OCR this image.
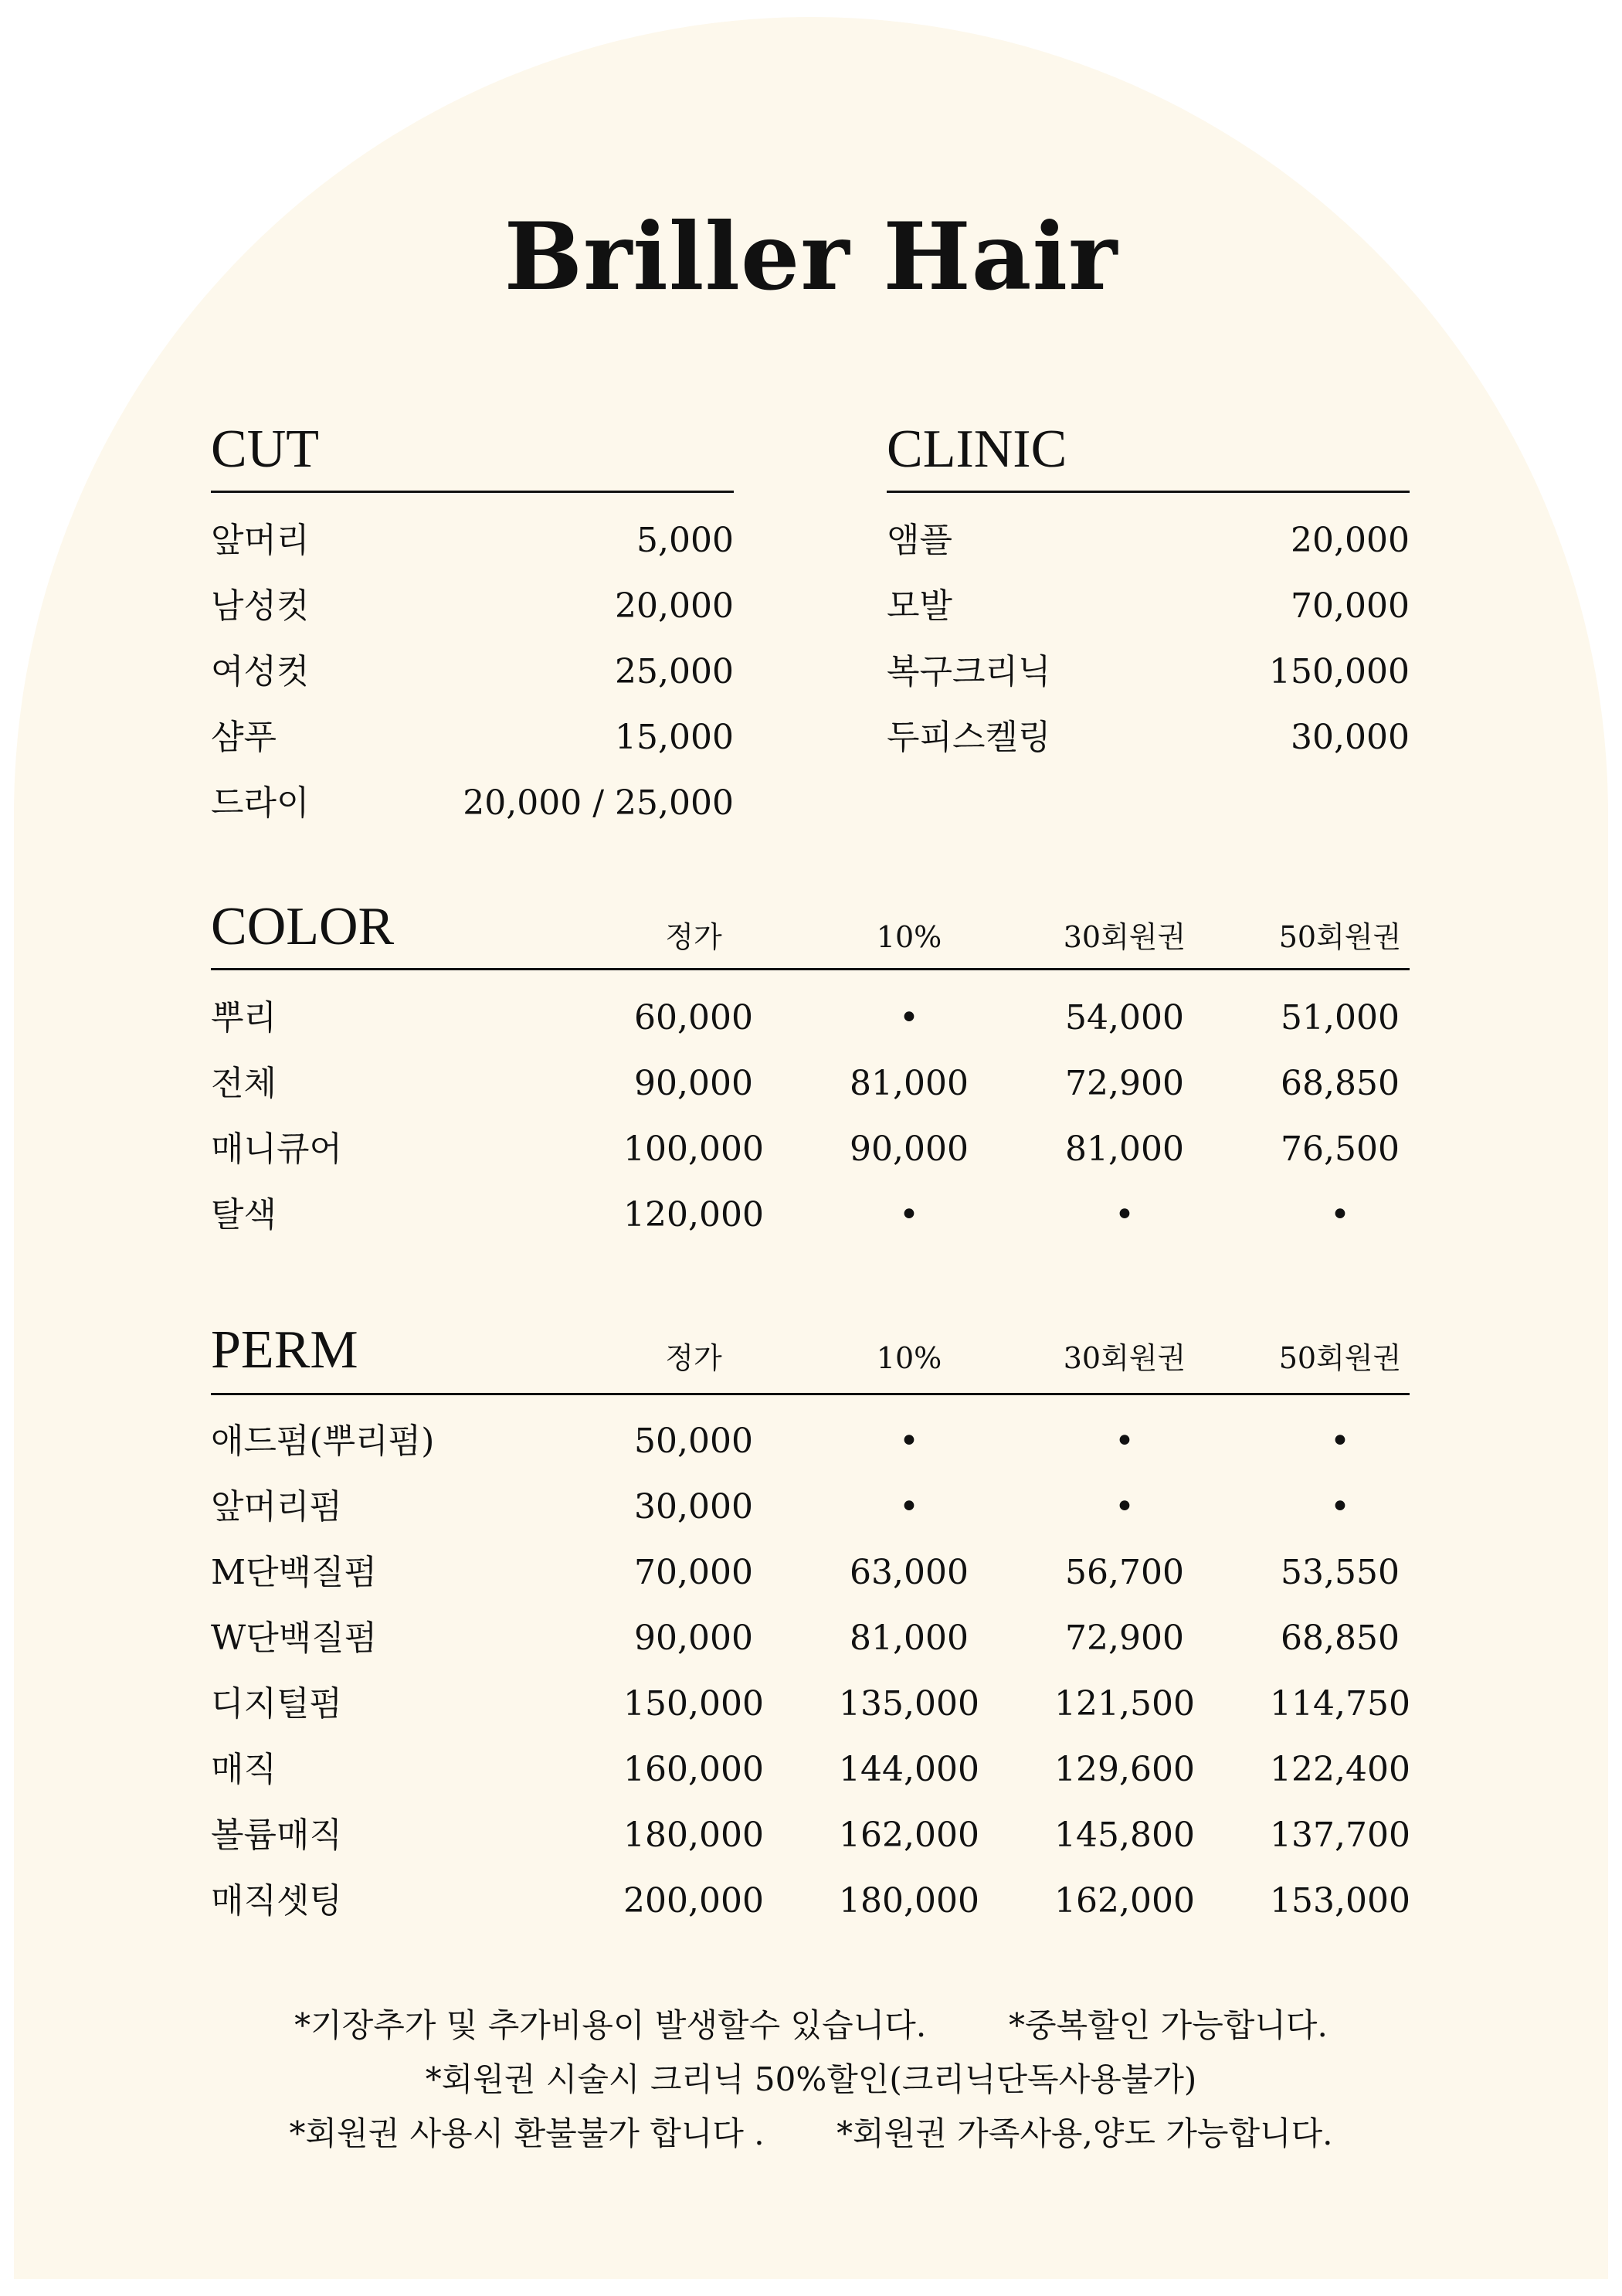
Briller Hair
CUT
앞머리	5,000
남성컷	20,000
여성컷	25,000
샴푸	15,000
드라이	20,000 / 25,000
CLINIC
앰플	20,000
모발	70,000
복구크리닉	150,000
두피스켈링	30,000
COLOR	정가	10%	30회원권	50회원권
뿌리	60,000	•	54,000	51,000
전체	90,000	81,000	72,900	68,850
매니큐어	100,000	90,000	81,000	76,500
탈색	120,000	•	•	•
PERM	정가	10%	30회원권	50회원권
애드펌(뿌리펌)	50,000	•	•	•
앞머리펌	30,000	•	•	•
M단백질펌	70,000	63,000	56,700	53,550
W단백질펌	90,000	81,000	72,900	68,850
디지털펌	150,000	135,000	121,500	114,750
매직	160,000	144,000	129,600	122,400
볼륨매직	180,000	162,000	145,800	137,700
매직셋팅	200,000	180,000	162,000	153,000
*기장추가 및 추가비용이 발생할수 있습니다.        *중복할인 가능합니다.
*회원권 시술시 크리닉 50%할인(크리닉단독사용불가)
*회원권 사용시 환불불가 합니다 .       *회원권 가족사용,양도 가능합니다.
